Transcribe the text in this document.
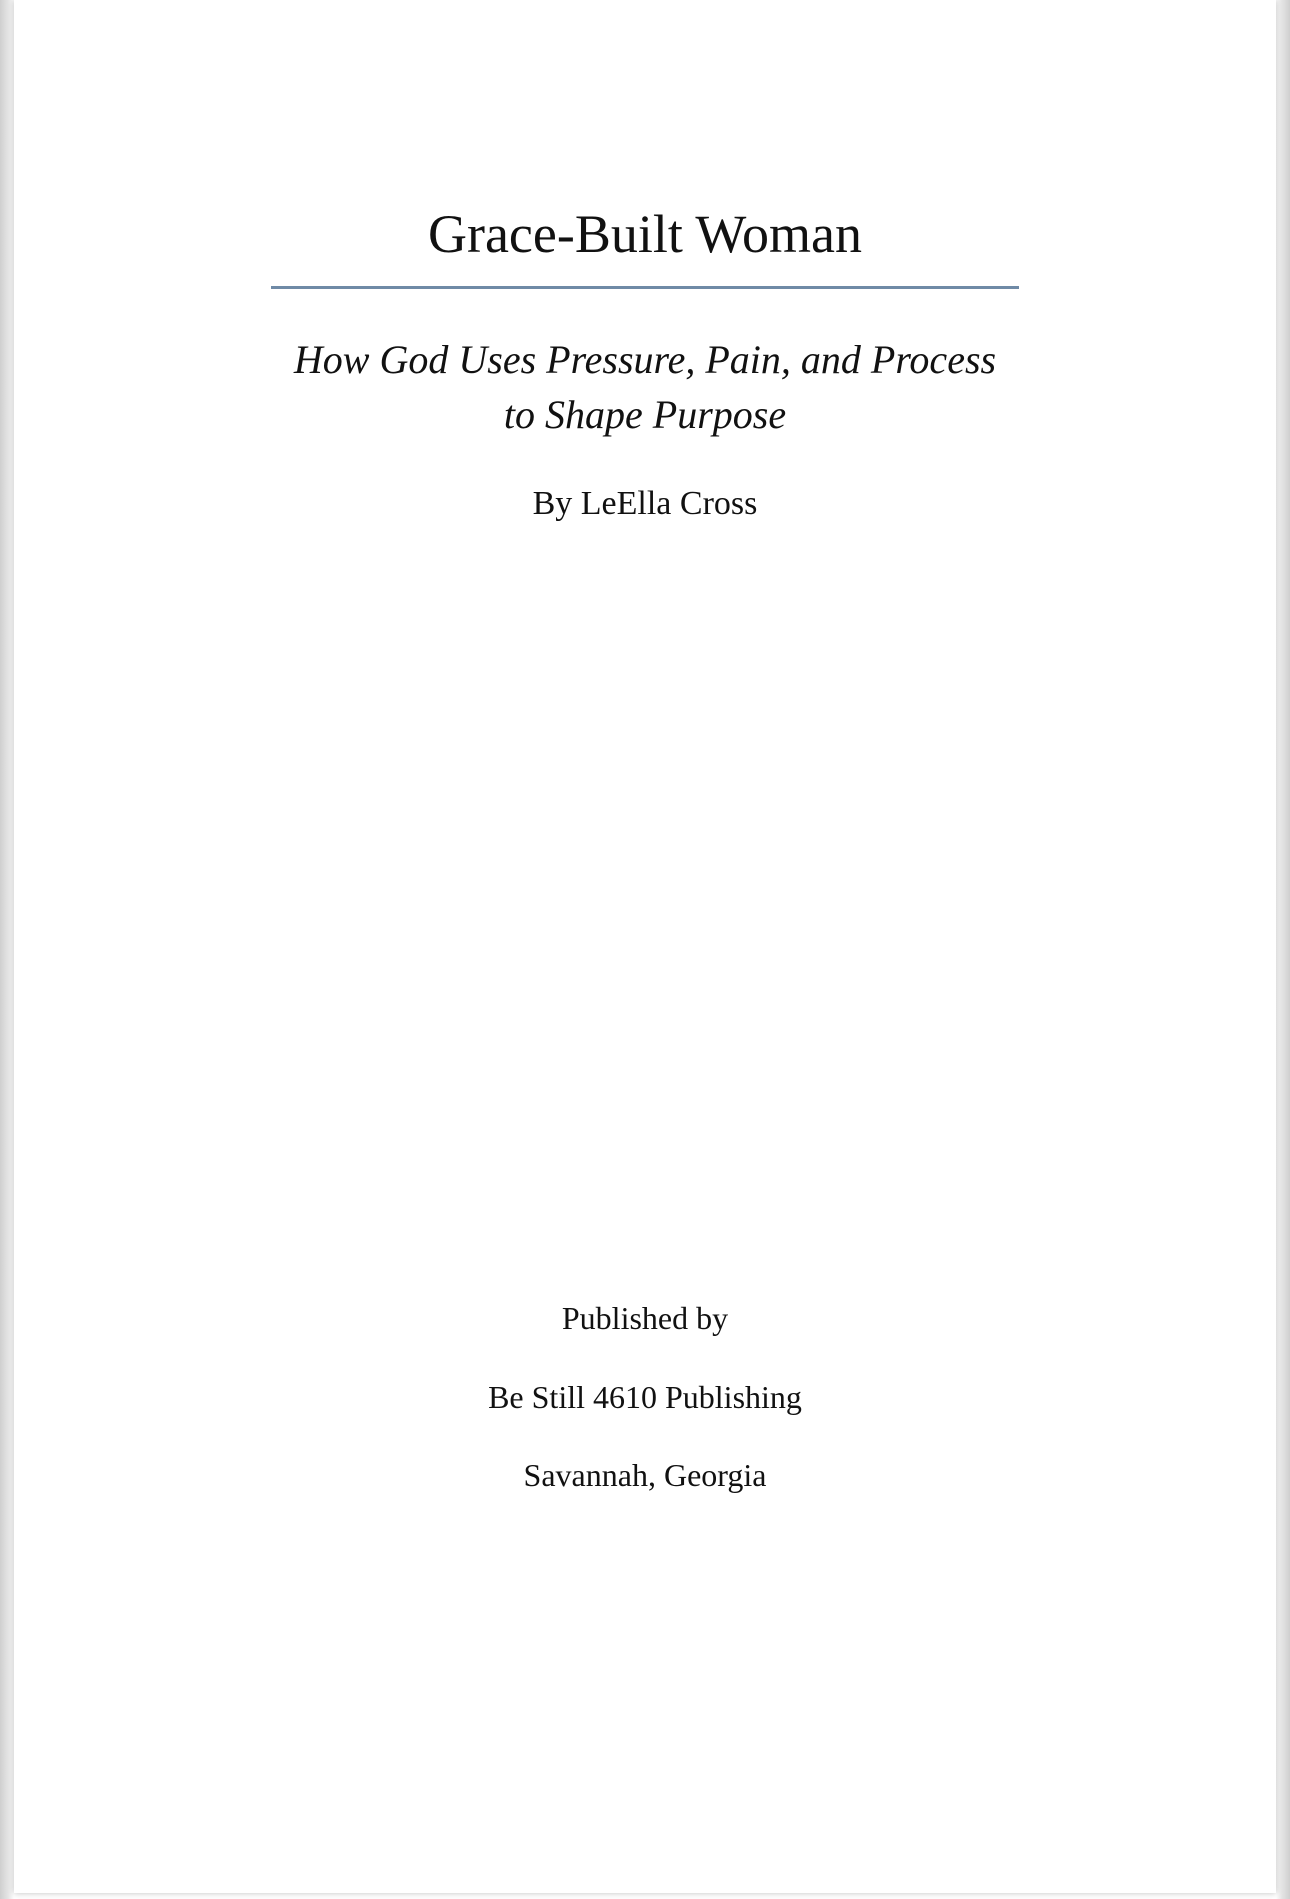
Grace-Built Woman
How God Uses Pressure, Pain, and Process
to Shape Purpose
By LeElla Cross
Published by
Be Still 4610 Publishing
Savannah, Georgia
